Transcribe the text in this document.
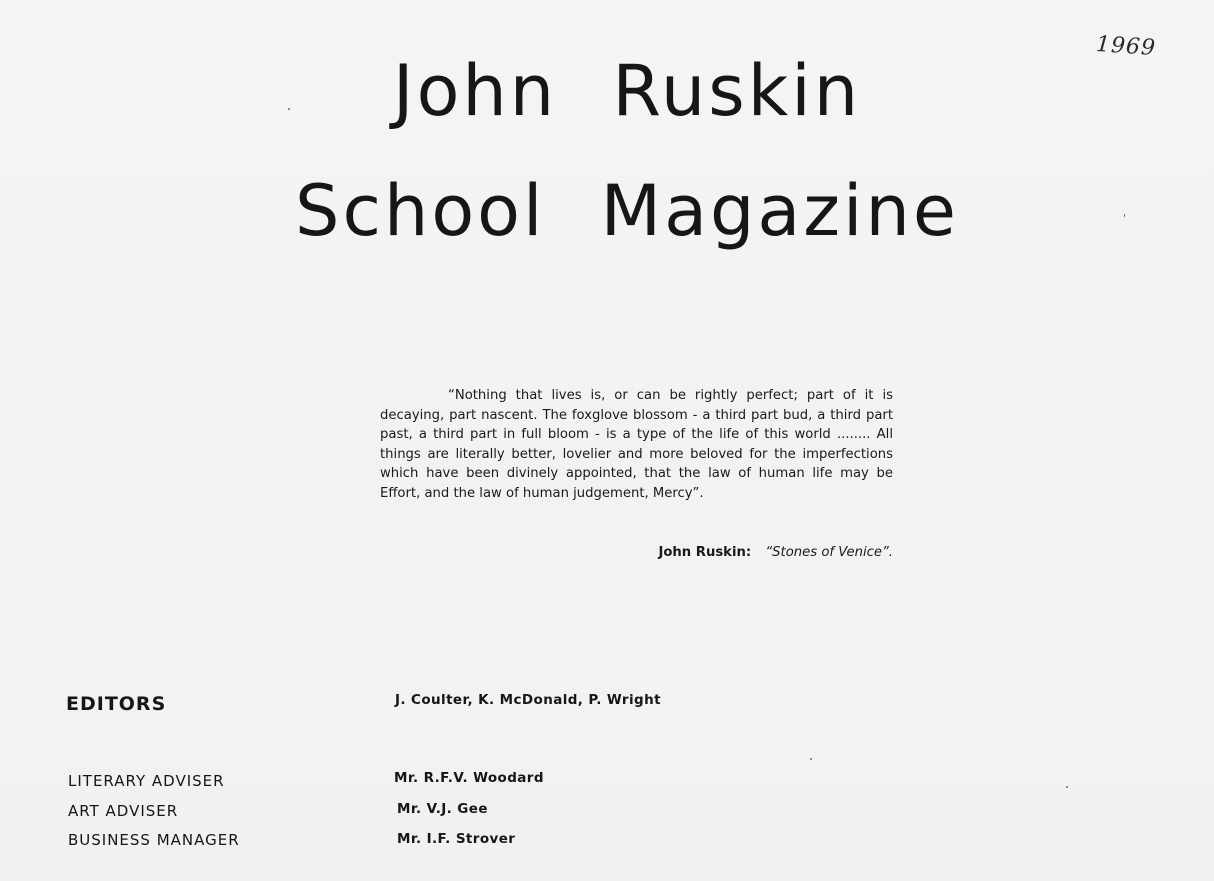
1969
John Ruskin
School Magazine

“Nothing that lives is, or can be rightly perfect; part of it is decaying, part nascent. The foxglove blossom - a third part bud, a third part past, a third part in full bloom - is a type of the life of this world ........ All things are literally better, lovelier and more beloved for the imperfections which have been divinely appointed, that the law of human life may be Effort, and the law of human judgement, Mercy”.

John Ruskin: “Stones of Venice”.
EDITORS	J. Coulter, K. McDonald, P. Wright
LITERARY ADVISER	Mr. R.F.V. Woodard
ART ADVISER	Mr. V.J. Gee
BUSINESS MANAGER	Mr. I.F. Strover
